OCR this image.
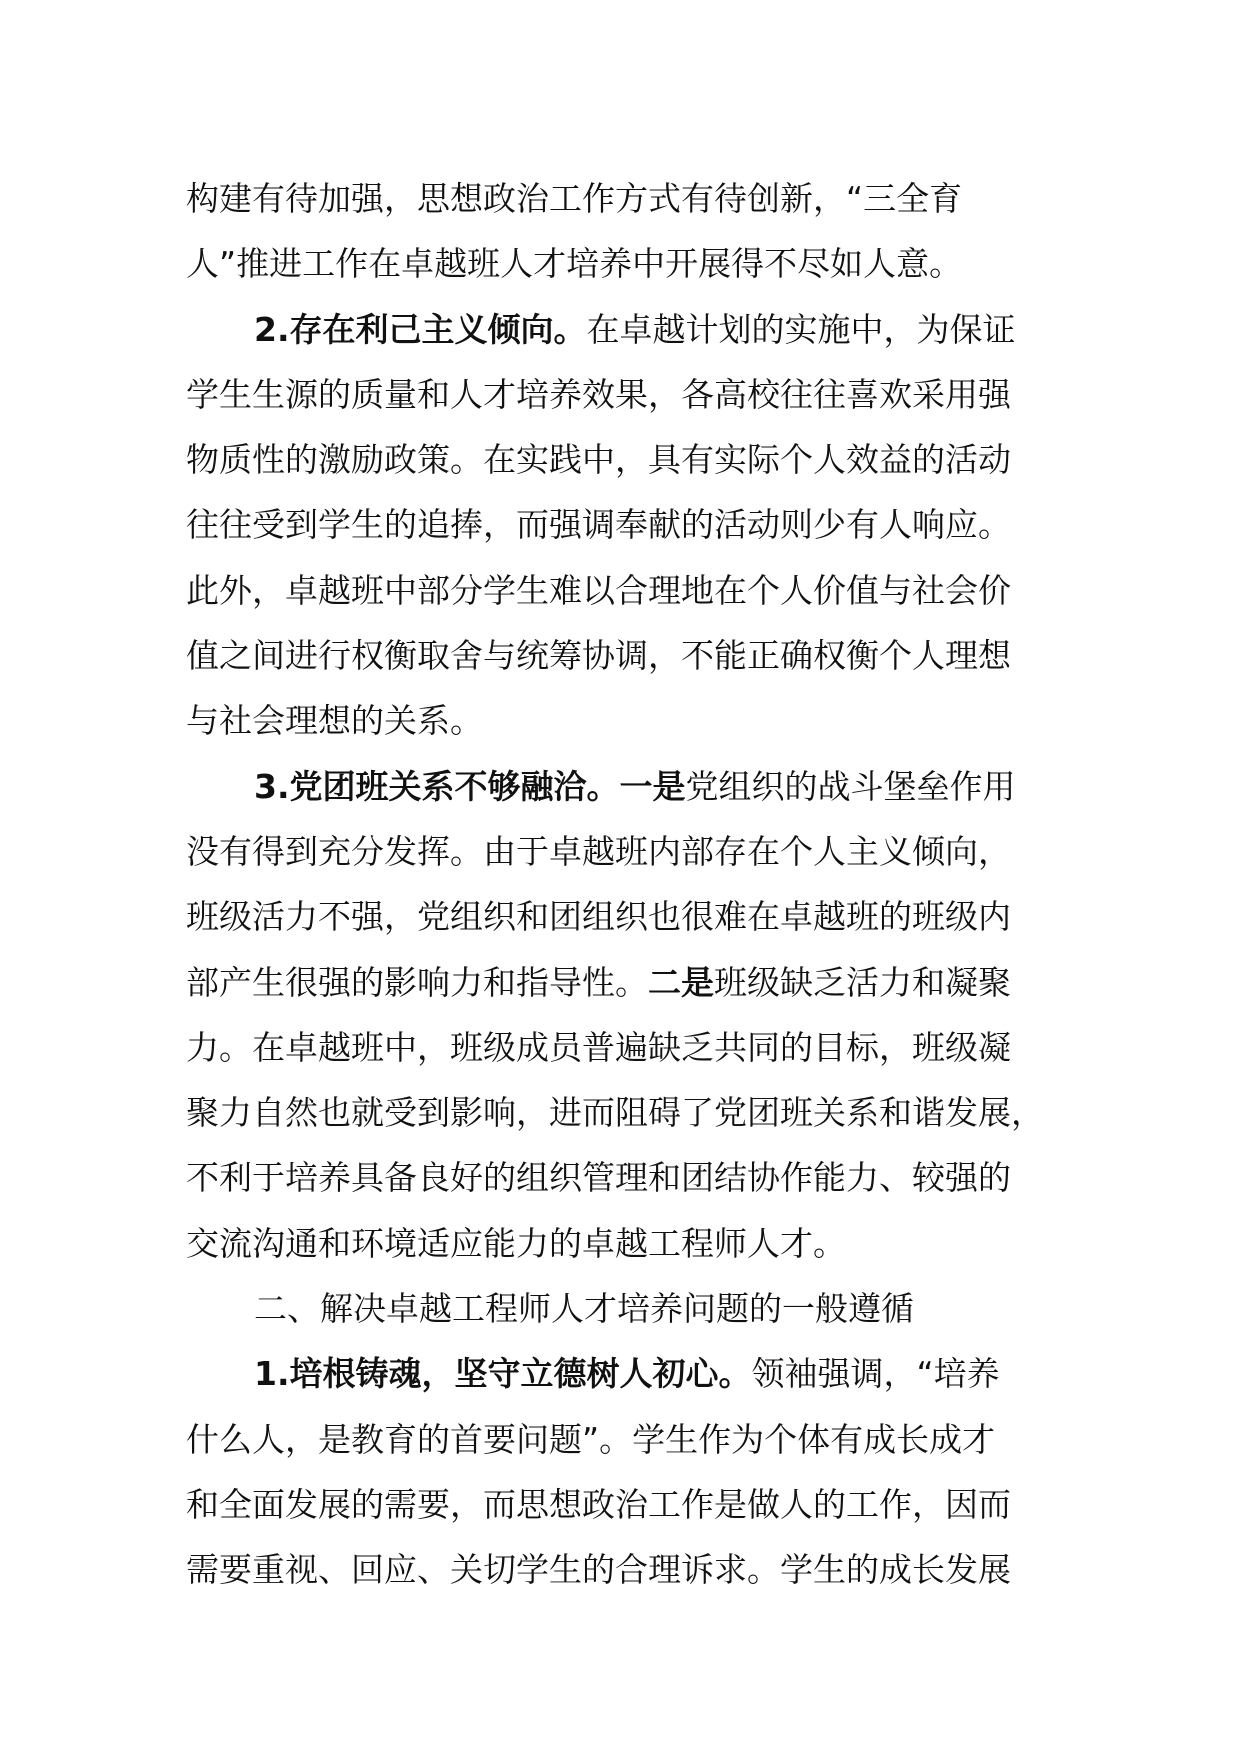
构建有待加强，思想政治工作方式有待创新，“三全育
人”推进工作在卓越班人才培养中开展得不尽如人意。
2.存在利己主义倾向。在卓越计划的实施中，为保证
学生生源的质量和人才培养效果，各高校往往喜欢采用强
物质性的激励政策。在实践中，具有实际个人效益的活动
往往受到学生的追捧，而强调奉献的活动则少有人响应。
此外，卓越班中部分学生难以合理地在个人价值与社会价
值之间进行权衡取舍与统筹协调，不能正确权衡个人理想
与社会理想的关系。
3.党团班关系不够融洽。一是党组织的战斗堡垒作用
没有得到充分发挥。由于卓越班内部存在个人主义倾向，
班级活力不强，党组织和团组织也很难在卓越班的班级内
部产生很强的影响力和指导性。二是班级缺乏活力和凝聚
力。在卓越班中，班级成员普遍缺乏共同的目标，班级凝
聚力自然也就受到影响，进而阻碍了党团班关系和谐发展，
不利于培养具备良好的组织管理和团结协作能力、较强的
交流沟通和环境适应能力的卓越工程师人才。
二、解决卓越工程师人才培养问题的一般遵循
1.培根铸魂，坚守立德树人初心。领袖强调，“培养
什么人，是教育的首要问题”。学生作为个体有成长成才
和全面发展的需要，而思想政治工作是做人的工作，因而
需要重视、回应、关切学生的合理诉求。学生的成长发展
